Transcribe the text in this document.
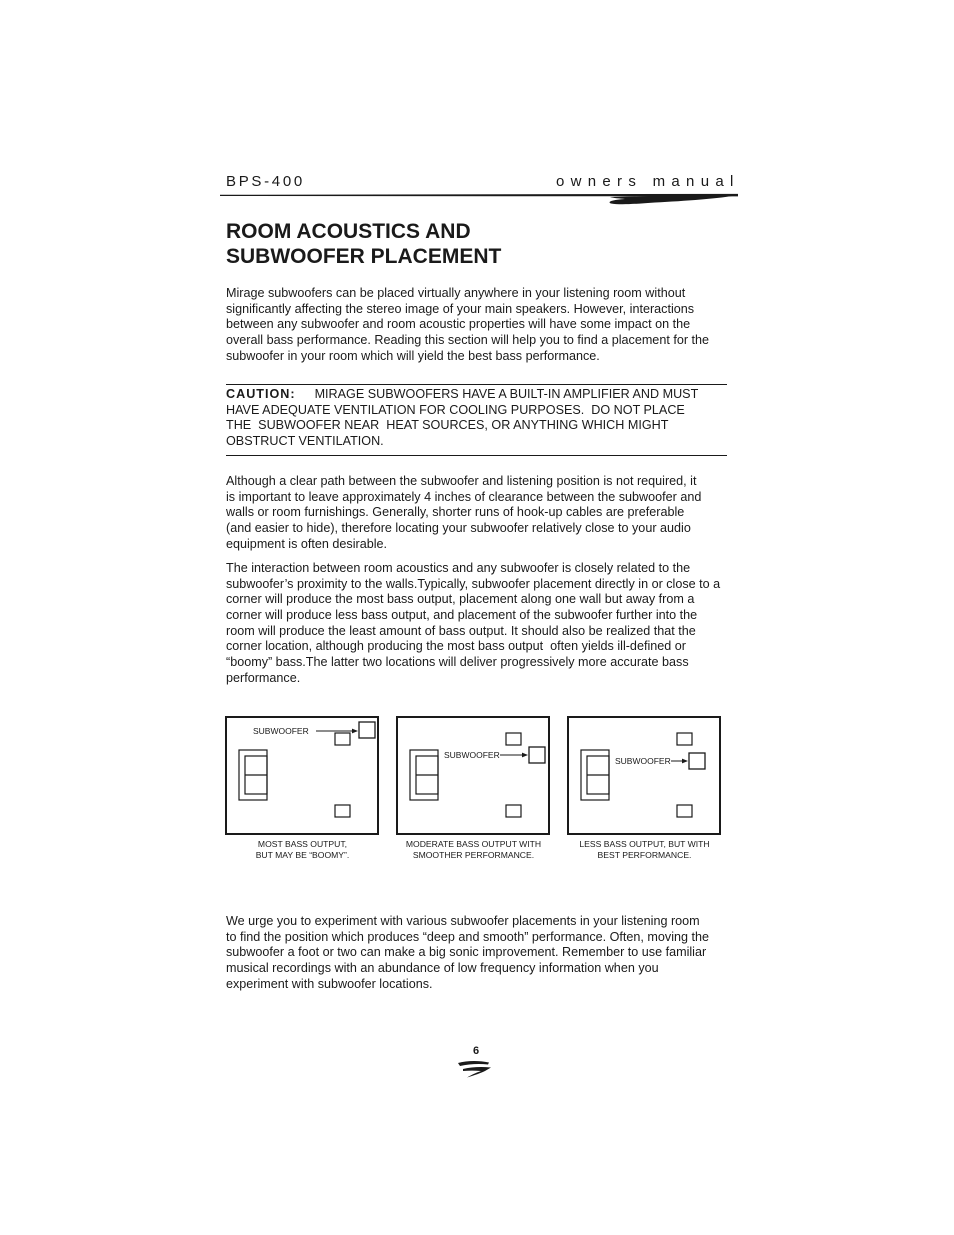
BPS-400	owners manual
ROOM ACOUSTICS AND
SUBWOOFER PLACEMENT
Mirage subwoofers can be placed virtually anywhere in your listening room without
significantly affecting the stereo image of your main speakers. However, interactions
between any subwoofer and room acoustic properties will have some impact on the
overall bass performance. Reading this section will help you to find a placement for the
subwoofer in your room which will yield the best bass performance.
CAUTION: MIRAGE SUBWOOFERS HAVE A BUILT-IN AMPLIFIER AND MUST
HAVE ADEQUATE VENTILATION FOR COOLING PURPOSES.  DO NOT PLACE
THE  SUBWOOFER NEAR  HEAT SOURCES, OR ANYTHING WHICH MIGHT
OBSTRUCT VENTILATION.
Although a clear path between the subwoofer and listening position is not required, it
is important to leave approximately 4 inches of clearance between the subwoofer and
walls or room furnishings. Generally, shorter runs of hook-up cables are preferable
(and easier to hide), therefore locating your subwoofer relatively close to your audio
equipment is often desirable.
The interaction between room acoustics and any subwoofer is closely related to the
subwoofer’s proximity to the walls.Typically, subwoofer placement directly in or close to a
corner will produce the most bass output, placement along one wall but away from a
corner will produce less bass output, and placement of the subwoofer further into the
room will produce the least amount of bass output. It should also be realized that the
corner location, although producing the most bass output  often yields ill-defined or
“boomy” bass.The latter two locations will deliver progressively more accurate bass
performance.
SUBWOOFER
MOST BASS OUTPUT,
BUT MAY BE “BOOMY”.
SUBWOOFER
MODERATE BASS OUTPUT WITH
SMOOTHER PERFORMANCE.
SUBWOOFER
LESS BASS OUTPUT, BUT WITH
BEST PERFORMANCE.
We urge you to experiment with various subwoofer placements in your listening room
to find the position which produces “deep and smooth” performance. Often, moving the
subwoofer a foot or two can make a big sonic improvement. Remember to use familiar
musical recordings with an abundance of low frequency information when you
experiment with subwoofer locations.
6
